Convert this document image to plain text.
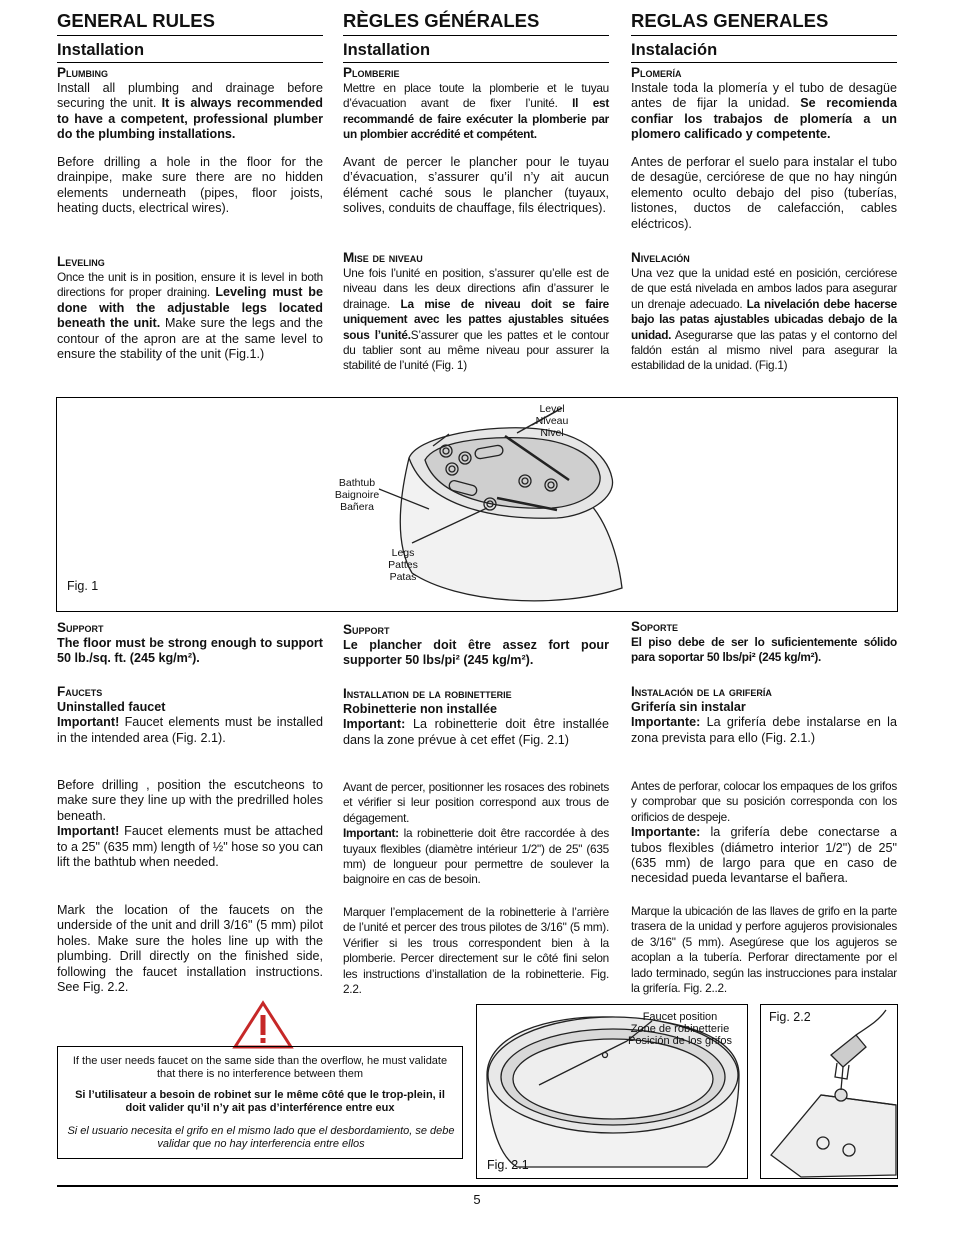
GENERAL RULES
Installation
Plumbing

Install all plumbing and drainage before securing the unit. It is always recommended to have a competent, professional plumber do the plumbing installations.

Before drilling a hole in the floor for the drainpipe, make sure there are no hidden elements underneath (pipes, floor joists, heating ducts, electrical wires).

Leveling

Once the unit is in position, ensure it is level in both directions for proper draining. Leveling must be done with the adjustable legs located beneath the unit. Make sure the legs and the contour of the apron are at the same level to ensure the stability of the unit (Fig.1.)

RÈGLES GÉNÉRALES
Installation
Plomberie

Mettre en place toute la plomberie et le tuyau d’évacuation avant de fixer l’unité. Il est recommandé de faire exécuter la plomberie par un plombier accrédité et compétent.

Avant de percer le plancher pour le tuyau d’évacuation, s’assurer qu’il n’y ait aucun élément caché sous le plancher (tuyaux, solives, conduits de chauffage, fils électriques).

Mise de niveau

Une fois l’unité en position, s’assurer qu’elle est de niveau dans les deux directions afin d’assurer le drainage. La mise de niveau doit se faire uniquement avec les pattes ajustables situées sous l’unité.S’assurer que les pattes et le contour du tablier sont au même niveau pour assurer la stabilité de l’unité (Fig. 1)

REGLAS GENERALES
Instalación
Plomería

Instale toda la plomería y el tubo de desagüe antes de fijar la unidad. Se recomienda confiar los trabajos de plomería a un plomero calificado y competente.

Antes de perforar el suelo para instalar el tubo de desagüe, cerciórese de que no hay ningún elemento oculto debajo del piso (tuberías, listones, ductos de calefacción, cables eléctricos).

Nivelación

Una vez que la unidad esté en posición, cerciórese de que está nivelada en ambos lados para asegurar un drenaje adecuado. La nivelación debe hacerse bajo las patas ajustables ubicadas debajo de la unidad. Asegurarse que las patas y el contorno del faldón están al mismo nivel para asegurar la estabilidad de la unidad. (Fig.1)

Fig. 1
Level
Niveau
Nivel
Bathtub
Baignoire
Bañera
Legs
Pattes
Patas
Support

The floor must be strong enough to support 50 lb./sq. ft. (245 kg/m²).

Faucets

Uninstalled faucet

Important! Faucet elements must be installed in the intended area (Fig. 2.1).

Before drilling , position the escutcheons to make sure they line up with the predrilled holes beneath.

Important! Faucet elements must be attached to a 25" (635 mm) length of ½" hose so you can lift the bathtub when needed.

Mark the location of the faucets on the underside of the unit and drill 3/16" (5 mm) pilot holes. Make sure the holes line up with the plumbing. Drill directly on the finished side, following the faucet installation instructions. See Fig. 2.2.

Support

Le plancher doit être assez fort pour supporter 50 lbs/pi² (245 kg/m²).

Installation de la robinetterie

Robinetterie non installée

Important: La robinetterie doit être installée dans la zone prévue à cet effet (Fig. 2.1)

Avant de percer, positionner les rosaces des robinets et vérifier si leur position correspond aux trous de dégagement.

Important: la robinetterie doit être raccordée à des tuyaux flexibles (diamètre intérieur 1/2") de 25" (635 mm) de longueur pour permettre de soulever la baignoire en cas de besoin.

Marquer l’emplacement de la robinetterie à l’arrière de l’unité et percer des trous pilotes de 3/16" (5 mm). Vérifier si les trous correspondent bien à la plomberie. Percer directement sur le côté fini selon les instructions d’installation de la robinetterie. Fig. 2.2.

Soporte

El piso debe de ser lo suficientemente sólido para soportar 50 lbs/pi² (245 kg/m²).

Instalación de la grifería

Grifería sin instalar

Importante: La grifería debe instalarse en la zona prevista para ello (Fig. 2.1.)

Antes de perforar, colocar los empaques de los grifos y comprobar que su posición corresponda con los orificios de despeje.

Importante: la grifería debe conectarse a tubos flexibles (diámetro interior 1/2") de 25" (635 mm) de largo para que en caso de necesidad pueda levantarse el bañera.

Marque la ubicación de las llaves de grifo en la parte trasera de la unidad y perfore agujeros provisionales de 3/16" (5 mm). Asegúrese que los agujeros se acoplan a la tubería. Perforar directamente por el lado terminado, según las instrucciones para instalar la grifería. Fig. 2..2.

If the user needs faucet on the same side than the overflow, he must validate that there is no interference between them
Si l’utilisateur a besoin de robinet sur le même côté que le trop-plein, il doit valider qu’il n’y ait pas d’interférence entre eux
Si el usuario necesita el grifo en el mismo lado que el desbordamiento, se debe validar que no hay interferencia entre ellos
Faucet position
Zone de robinetterie
Posición de los grifos
Fig. 2.1
Fig. 2.2
5
